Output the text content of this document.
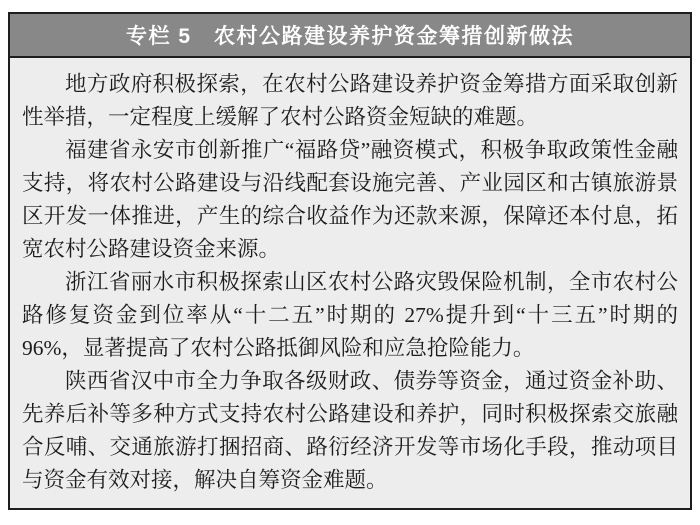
专栏 5　农村公路建设养护资金筹措创新做法

地方政府积极探索，在农村公路建设养护资金筹措方面采取创新性举措，一定程度上缓解了农村公路资金短缺的难题。

福建省永安市创新推广“福路贷”融资模式，积极争取政策性金融支持，将农村公路建设与沿线配套设施完善、产业园区和古镇旅游景区开发一体推进，产生的综合收益作为还款来源，保障还本付息，拓宽农村公路建设资金来源。

浙江省丽水市积极探索山区农村公路灾毁保险机制，全市农村公路修复资金到位率从“十二五”时期的 27%提升到“十三五”时期的 96%，显著提高了农村公路抵御风险和应急抢险能力。

陕西省汉中市全力争取各级财政、债券等资金，通过资金补助、先养后补等多种方式支持农村公路建设和养护，同时积极探索交旅融合反哺、交通旅游打捆招商、路衍经济开发等市场化手段，推动项目与资金有效对接，解决自筹资金难题。
